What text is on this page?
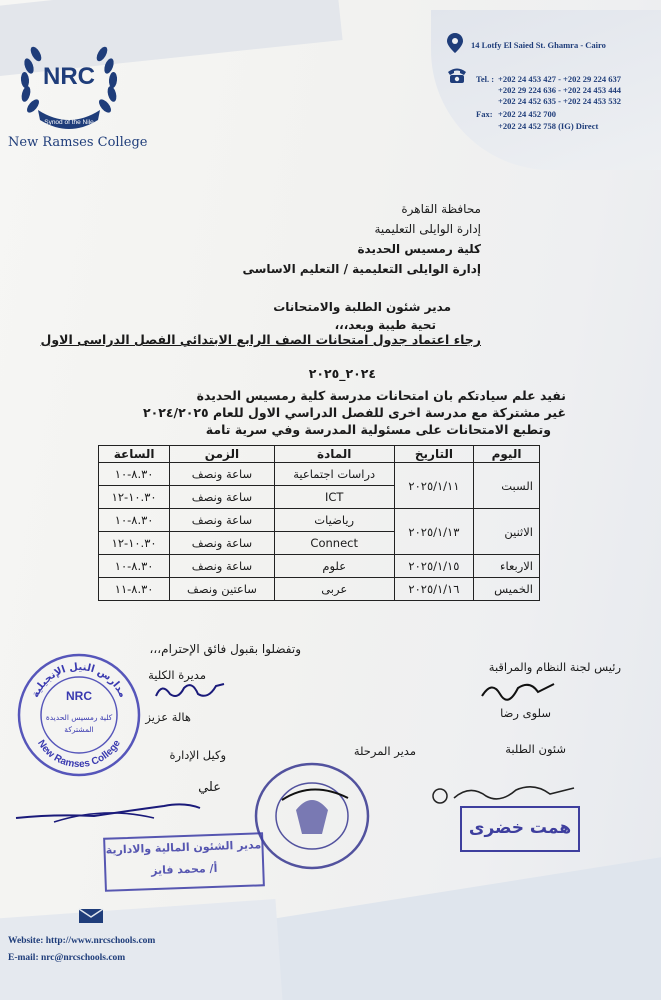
NRC
Synod of the Nile
New Ramses College
14 Lotfy El Saied St. Ghamra - Cairo
Tel. : +202 24 453 427 - +202 29 224 637
+202 29 224 636 - +202 24 453 444
+202 24 452 635 - +202 24 453 532
Fax: +202 24 452 700
+202 24 452 758 (IG) Direct
محافظة القاهرة
إدارة الوايلى التعليمية
كلية رمسيس الحديدة
إدارة الوايلى التعليمية / التعليم الاساسى
مدير شئون الطلبة والامتحانات
تحية طيبة وبعد،،،
رجاء اعتماد جدول امتحانات الصف الرابع الابتدائي الفصل الدراسى الاول
٢٠٢٤_٢٠٢٥
نفيد علم سيادتكم بان امتحانات مدرسة كلية رمسيس الحديدة
غير مشتركة مع مدرسة اخرى للفصل الدراسي الاول للعام ٢٠٢٤/٢٠٢٥
وتطبع الامتحانات على مسئولية المدرسة وفي سرية تامة
اليوم	التاريخ	المادة	الزمن	الساعة
السبت	٢٠٢٥/١/١١	دراسات اجتماعية	ساعة ونصف	٨.٣٠-١٠
		ICT	ساعة ونصف	١٠.٣٠-١٢
الاثنين	٢٠٢٥/١/١٣	رياضيات	ساعة ونصف	٨.٣٠-١٠
		Connect	ساعة ونصف	١٠.٣٠-١٢
الاربعاء	٢٠٢٥/١/١٥	علوم	ساعة ونصف	٨.٣٠-١٠
الخميس	٢٠٢٥/١/١٦	عربى	ساعتين ونصف	٨.٣٠-١١
وتفضلوا بقبول فائق الإحترام،،،
رئيس لجنة النظام والمراقبة
سلوى رضا
مديرة الكلية
هالة عزيز
وكيل الإدارة
علي
مدير المرحلة	شئون الطلبة
مدارس النيل الإنجيلية
New Ramses College
NRC
كلية رمسيس الحديدة
المشتركة
مدير الشئون المالية والادارية
أ/ محمد فايز
همت خضرى
Website: http://www.nrcschools.com
E-mail: nrc@nrcschools.com
